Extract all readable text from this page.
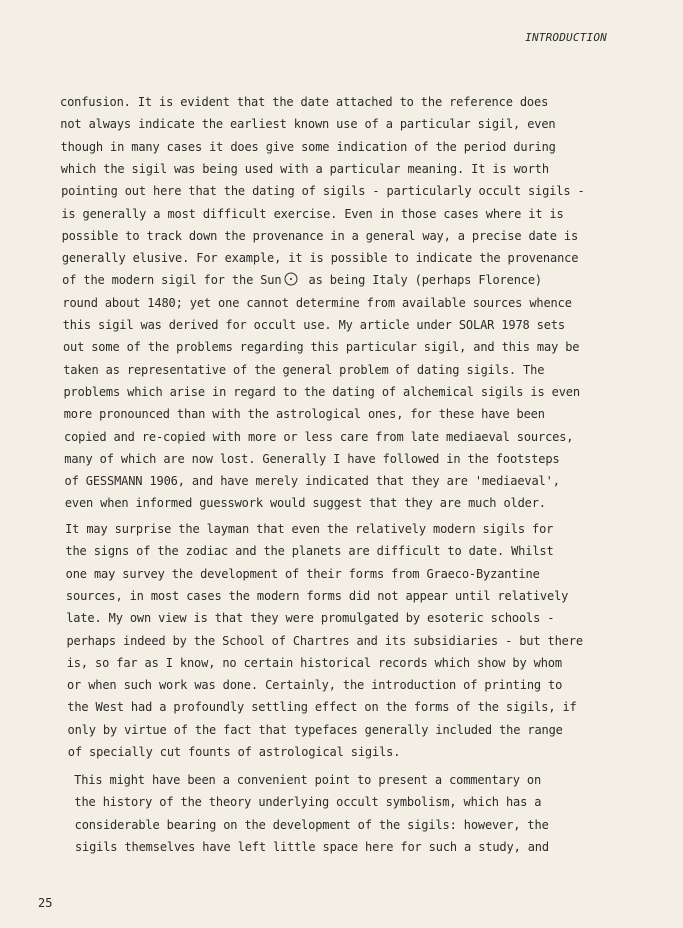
INTRODUCTION
confusion. It is evident that the date attached to the reference does
not always indicate the earliest known use of a particular sigil, even
though in many cases it does give some indication of the period during
which the sigil was being used with a particular meaning. It is worth
pointing out here that the dating of sigils - particularly occult sigils -
is generally a most difficult exercise. Even in those cases where it is
possible to track down the provenance in a general way, a precise date is
generally elusive. For example, it is possible to indicate the provenance
of the modern sigil for the Sun as being Italy (perhaps Florence)
round about 1480; yet one cannot determine from available sources whence
this sigil was derived for occult use. My article under SOLAR 1978 sets
out some of the problems regarding this particular sigil, and this may be
taken as representative of the general problem of dating sigils. The
problems which arise in regard to the dating of alchemical sigils is even
more pronounced than with the astrological ones, for these have been
copied and re-copied with more or less care from late mediaeval sources,
many of which are now lost. Generally I have followed in the footsteps
of GESSMANN 1906, and have merely indicated that they are 'mediaeval',
even when informed guesswork would suggest that they are much older.
It may surprise the layman that even the relatively modern sigils for
the signs of the zodiac and the planets are difficult to date. Whilst
one may survey the development of their forms from Graeco-Byzantine
sources, in most cases the modern forms did not appear until relatively
late. My own view is that they were promulgated by esoteric schools -
perhaps indeed by the School of Chartres and its subsidiaries - but there
is, so far as I know, no certain historical records which show by whom
or when such work was done. Certainly, the introduction of printing to
the West had a profoundly settling effect on the forms of the sigils, if
only by virtue of the fact that typefaces generally included the range
of specially cut founts of astrological sigils.
This might have been a convenient point to present a commentary on
the history of the theory underlying occult symbolism, which has a
considerable bearing on the development of the sigils: however, the
sigils themselves have left little space here for such a study, and
25
